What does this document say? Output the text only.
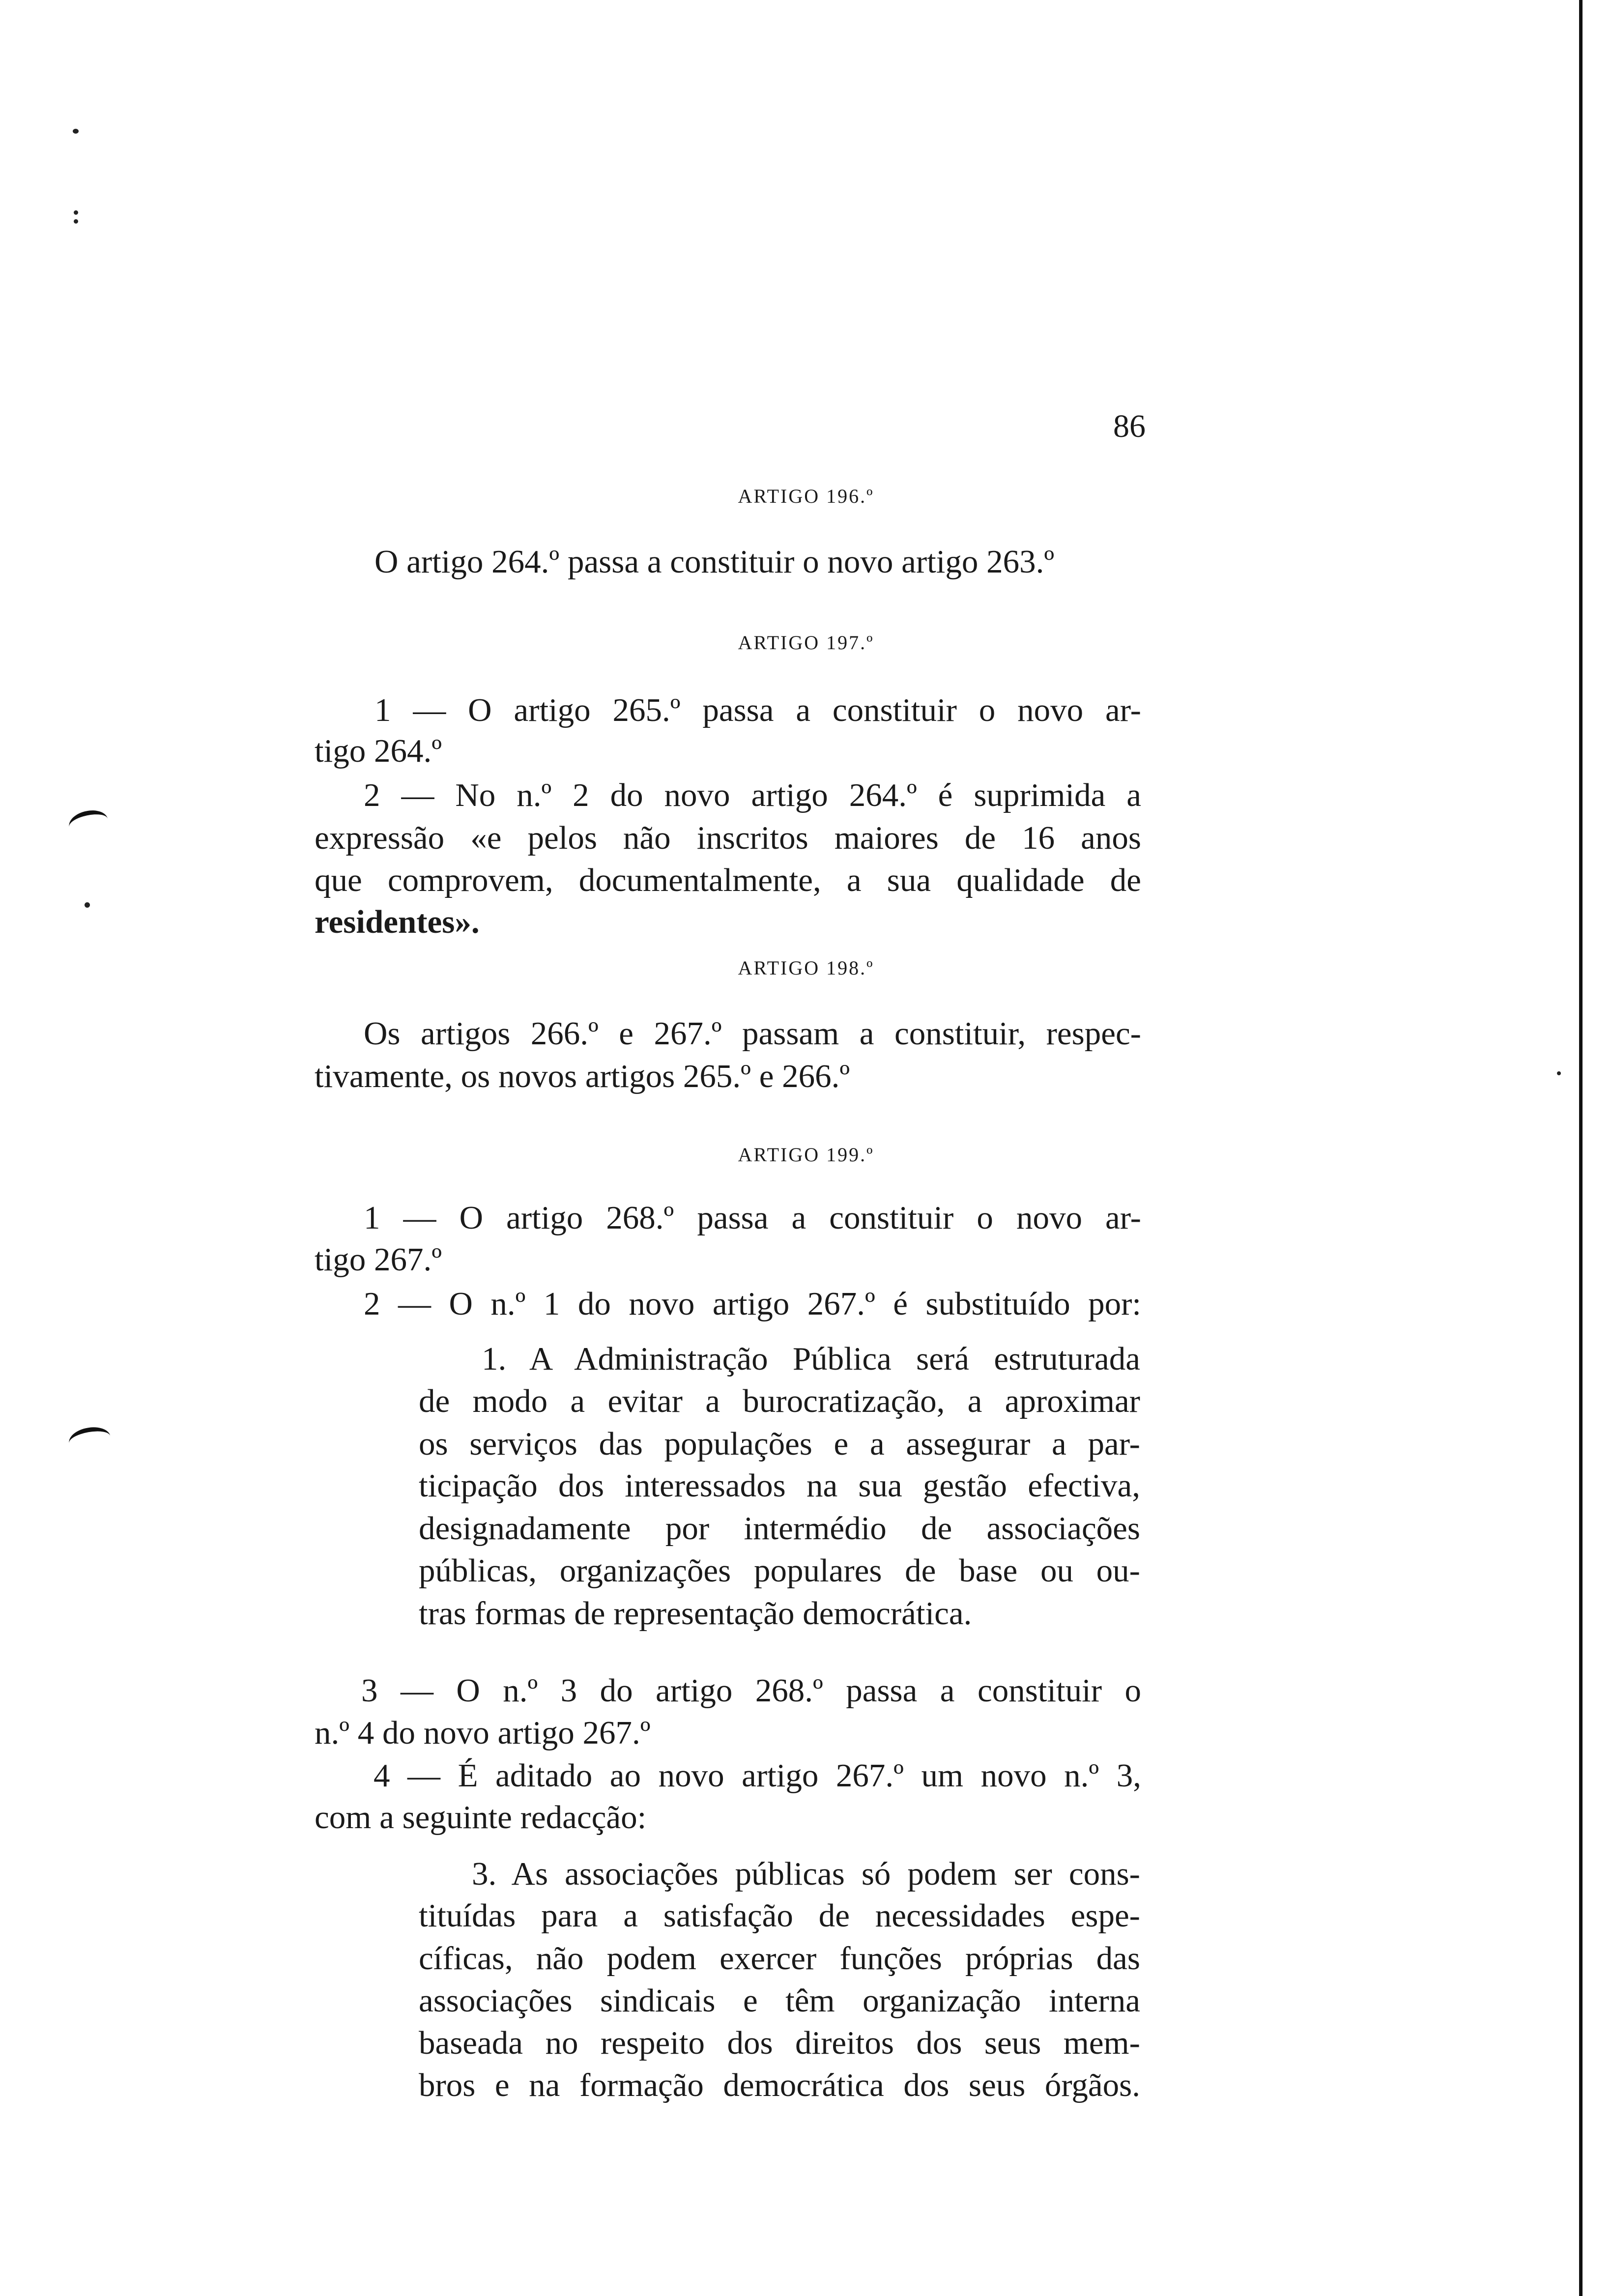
86
ARTIGO 196.º
O artigo 264.º passa a constituir o novo artigo 263.º
ARTIGO 197.º
1 — O artigo 265.º passa a constituir o novo ar-
tigo 264.º
2 — No n.º 2 do novo artigo 264.º é suprimida a
expressão «e pelos não inscritos maiores de 16 anos
que comprovem, documentalmente, a sua qualidade de
residentes».
ARTIGO 198.º
Os artigos 266.º e 267.º passam a constituir, respec-
tivamente, os novos artigos 265.º e 266.º
ARTIGO 199.º
1 — O artigo 268.º passa a constituir o novo ar-
tigo 267.º
2 — O n.º 1 do novo artigo 267.º é substituído por:
1. A Administração Pública será estruturada
de modo a evitar a burocratização, a aproximar
os serviços das populações e a assegurar a par-
ticipação dos interessados na sua gestão efectiva,
designadamente por intermédio de associações
públicas, organizações populares de base ou ou-
tras formas de representação democrática.
3 — O n.º 3 do artigo 268.º passa a constituir o
n.º 4 do novo artigo 267.º
4 — É aditado ao novo artigo 267.º um novo n.º 3,
com a seguinte redacção:
3. As associações públicas só podem ser cons-
tituídas para a satisfação de necessidades espe-
cíficas, não podem exercer funções próprias das
associações sindicais e têm organização interna
baseada no respeito dos direitos dos seus mem-
bros e na formação democrática dos seus órgãos.
